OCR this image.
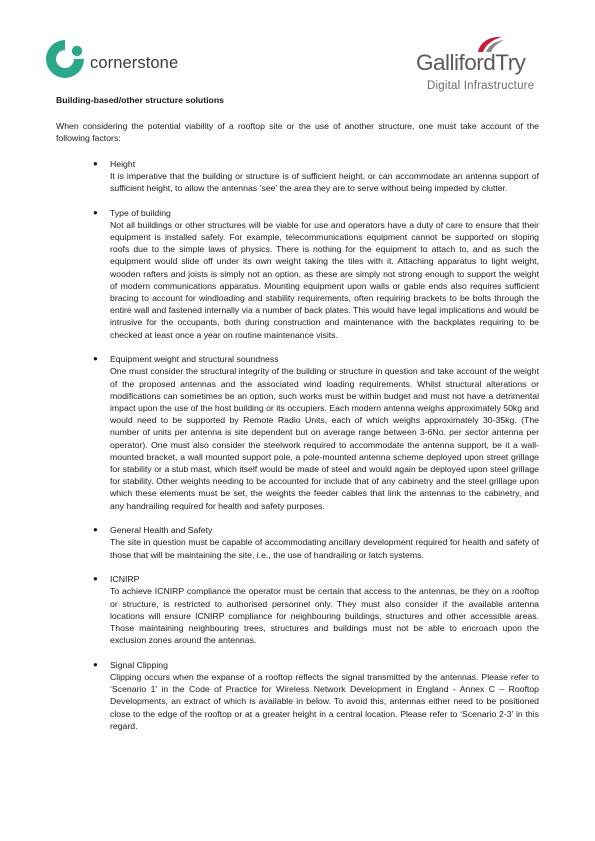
cornerstone	GallifordTry
Digital Infrastructure
Building-based/other structure solutions

When considering the potential viability of a rooftop site or the use of another structure, one must take account of the following factors:

● Height
It is imperative that the building or structure is of sufficient height, or can accommodate an antenna support of sufficient height, to allow the antennas ‘see’ the area they are to serve without being impeded by clutter.
● Type of building
Not all buildings or other structures will be viable for use and operators have a duty of care to ensure that their equipment is installed safely. For example, telecommunications equipment cannot be supported on sloping roofs due to the simple laws of physics. There is nothing for the equipment to attach to, and as such the equipment would slide off under its own weight taking the tiles with it. Attaching apparatus to light weight, wooden rafters and joists is simply not an option, as these are simply not strong enough to support the weight of modern communications apparatus. Mounting equipment upon walls or gable ends also requires sufficient bracing to account for windloading and stability requirements, often requiring brackets to be bolts through the entire wall and fastened internally via a number of back plates. This would have legal implications and would be intrusive for the occupants, both during construction and maintenance with the backplates requiring to be checked at least once a year on routine maintenance visits.
● Equipment weight and structural soundness
One must consider the structural integrity of the building or structure in question and take account of the weight of the proposed antennas and the associated wind loading requirements. Whilst structural alterations or modifications can sometimes be an option, such works must be within budget and must not have a detrimental impact upon the use of the host building or its occupiers. Each modern antenna weighs approximately 50kg and would need to be supported by Remote Radio Units, each of which weighs approximately 30-35kg. (The number of units per antenna is site dependent but on average range between 3-6No. per sector antenna per operator). One must also consider the steelwork required to accommodate the antenna support, be it a wall-mounted bracket, a wall mounted support pole, a pole-mounted antenna scheme deployed upon street grillage for stability or a stub mast, which itself would be made of steel and would again be deployed upon steel grillage for stability. Other weights needing to be accounted for include that of any cabinetry and the steel grillage upon which these elements must be set, the weights the feeder cables that link the antennas to the cabinetry, and any handrailing required for health and safety purposes.
● General Health and Safety
The site in question must be capable of accommodating ancillary development required for health and safety of those that will be maintaining the site, i.e., the use of handrailing or latch systems.
● ICNIRP
To achieve ICNIRP compliance the operator must be certain that access to the antennas, be they on a rooftop or structure, is restricted to authorised personnel only. They must also consider if the available antenna locations will ensure ICNIRP compliance for neighbouring buildings, structures and other accessible areas. Those maintaining neighbouring trees, structures and buildings must not be able to encroach upon the exclusion zones around the antennas.
● Signal Clipping
Clipping occurs when the expanse of a rooftop reflects the signal transmitted by the antennas. Please refer to ‘Scenario 1’ in the Code of Practice for Wireless Network Development in England - Annex C – Rooftop Developments, an extract of which is available in below. To avoid this, antennas either need to be positioned close to the edge of the rooftop or at a greater height in a central location. Please refer to ‘Scenario 2-3’ in this regard.
